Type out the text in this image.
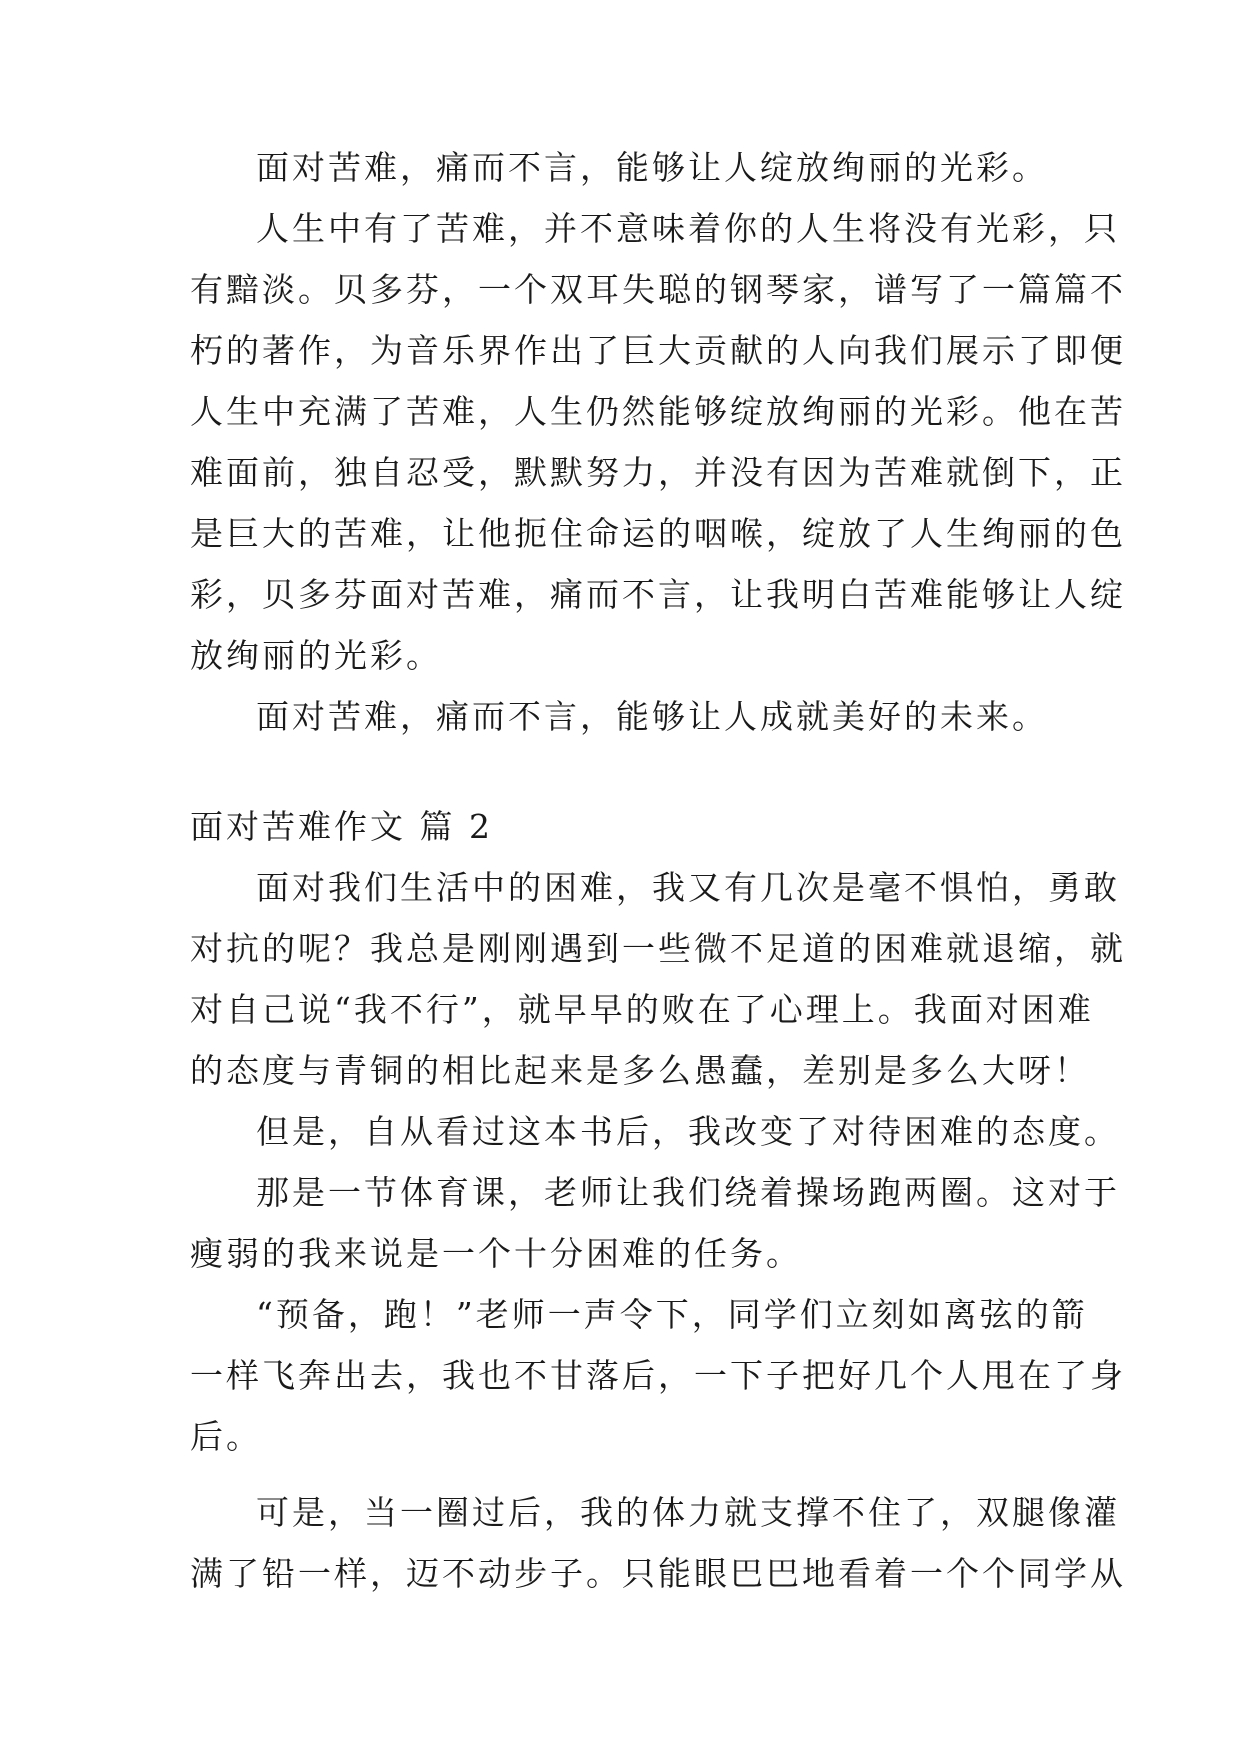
面对苦难，痛而不言，能够让人绽放绚丽的光彩。
人生中有了苦难，并不意味着你的人生将没有光彩，只
有黯淡。贝多芬，一个双耳失聪的钢琴家，谱写了一篇篇不
朽的著作，为音乐界作出了巨大贡献的人向我们展示了即便
人生中充满了苦难，人生仍然能够绽放绚丽的光彩。他在苦
难面前，独自忍受，默默努力，并没有因为苦难就倒下，正
是巨大的苦难，让他扼住命运的咽喉，绽放了人生绚丽的色
彩，贝多芬面对苦难，痛而不言，让我明白苦难能够让人绽
放绚丽的光彩。
面对苦难，痛而不言，能够让人成就美好的未来。
面对苦难作文 篇 2
面对我们生活中的困难，我又有几次是毫不惧怕，勇敢
对抗的呢？我总是刚刚遇到一些微不足道的困难就退缩，就
对自己说“我不行”，就早早的败在了心理上。我面对困难
的态度与青铜的相比起来是多么愚蠢，差别是多么大呀！
但是，自从看过这本书后，我改变了对待困难的态度。
那是一节体育课，老师让我们绕着操场跑两圈。这对于
瘦弱的我来说是一个十分困难的任务。
“预备，跑！”老师一声令下，同学们立刻如离弦的箭
一样飞奔出去，我也不甘落后，一下子把好几个人甩在了身
后。
可是，当一圈过后，我的体力就支撑不住了，双腿像灌
满了铅一样，迈不动步子。只能眼巴巴地看着一个个同学从
